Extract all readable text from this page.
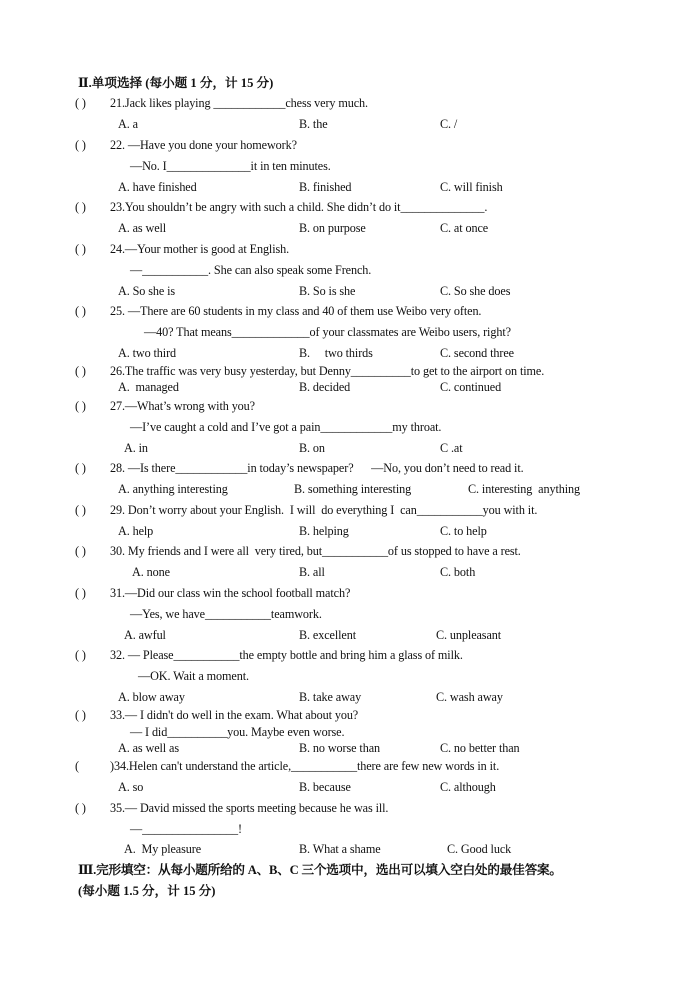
Ⅱ.单项选择 (每小题 1 分，计 15 分)
( ) 21.Jack likes playing ____________chess very much.
A. a	B. the	C. /
( ) 22. —Have you done your homework?
—No. I______________it in ten minutes.
A. have finished	B. finished	C. will finish
( ) 23.You shouldn’t be angry with such a child. She didn’t do it______________.
A. as well	B. on purpose	C. at once
( ) 24.—Your mother is good at English.
—___________. She can also speak some French.
A. So she is	B. So is she	C. So she does
( ) 25. —There are 60 students in my class and 40 of them use Weibo very often.
—40? That means_____________of your classmates are Weibo users, right?
A. two third	B.     two thirds	C. second three
( ) 26.The traffic was very busy yesterday, but Denny__________to get to the airport on time.
A.  managed	B. decided	C. continued
( ) 27.—What’s wrong with you?
—I’ve caught a cold and I’ve got a pain____________my throat.
A. in	B. on	C .at
( ) 28. —Is there____________in today’s newspaper?      —No, you don’t need to read it.
A. anything interesting	B. something interesting	C. interesting  anything
( ) 29. Don’t worry about your English.  I will  do everything I  can___________you with it.
A. help	B. helping	C. to help
( ) 30. My friends and I were all  very tired, but___________of us stopped to have a rest.
A. none	B. all	C. both
( ) 31.—Did our class win the school football match?
—Yes, we have___________teamwork.
A. awful	B. excellent	C. unpleasant
( ) 32. — Please___________the empty bottle and bring him a glass of milk.
—OK. Wait a moment.
A. blow away	B. take away	C. wash away
( ) 33.— I didn't do well in the exam. What about you?
— I did__________you. Maybe even worse.
A. as well as	B. no worse than	C. no better than
(	)34.Helen can't understand the article,___________there are few new words in it.
A. so	B. because	C. although
( ) 35.— David missed the sports meeting because he was ill.
—________________!
A.  My pleasure	B. What a shame	C. Good luck
Ⅲ.完形填空：从每小题所给的 A、B、C 三个选项中，选出可以填入空白处的最佳答案。
(每小题 1.5 分，计 15 分)
